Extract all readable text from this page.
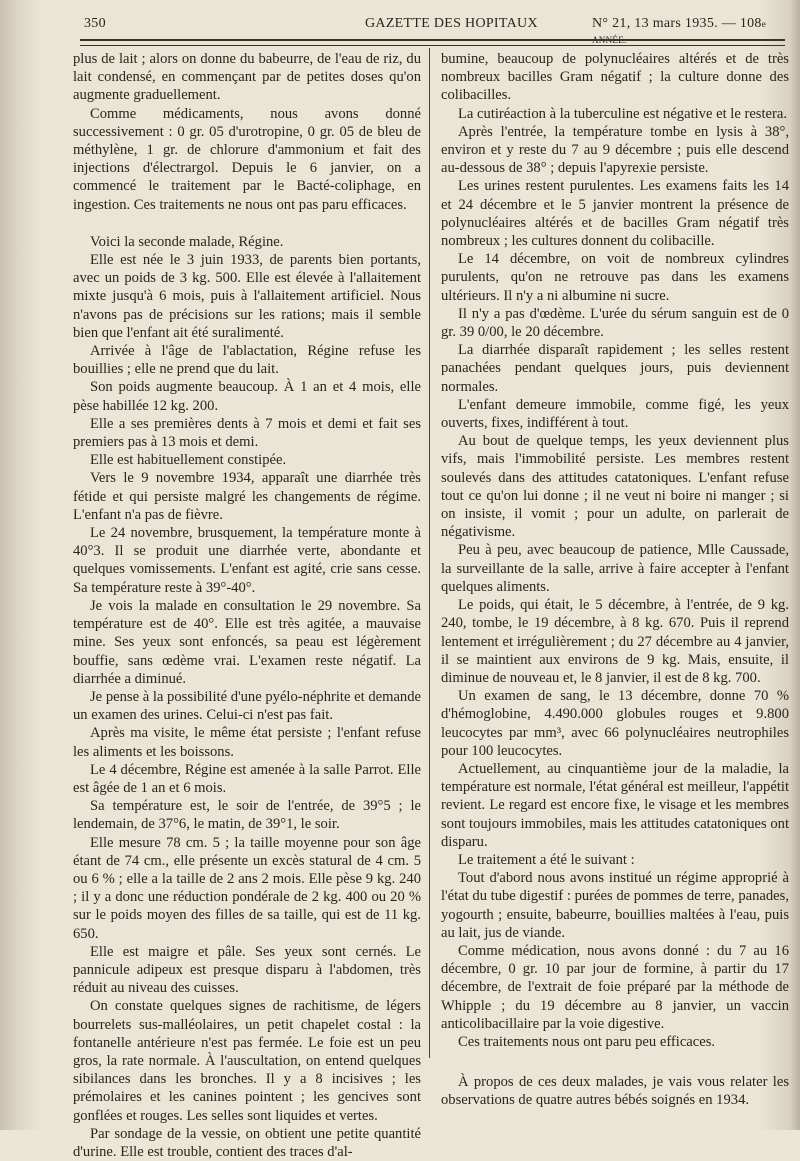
350	GAZETTE DES HOPITAUX	N° 21, 13 mars 1935. — 108e

plus de lait ; alors on donne du babeurre, de l'eau de riz, du lait condensé, en commençant par de petites doses qu'on augmente graduellement.

Comme médicaments, nous avons donné successivement : 0 gr. 05 d'urotropine, 0 gr. 05 de bleu de méthylène, 1 gr. de chlorure d'ammonium et fait des injections d'électrargol. Depuis le 6 janvier, on a commencé le traitement par le Bacté-coliphage, en ingestion. Ces traitements ne nous ont pas paru efficaces.

Voici la seconde malade, Régine.

Elle est née le 3 juin 1933, de parents bien portants, avec un poids de 3 kg. 500. Elle est élevée à l'allaitement mixte jusqu'à 6 mois, puis à l'allaitement artificiel. Nous n'avons pas de précisions sur les rations; mais il semble bien que l'enfant ait été suralimenté.

Arrivée à l'âge de l'ablactation, Régine refuse les bouillies ; elle ne prend que du lait.

Son poids augmente beaucoup. À 1 an et 4 mois, elle pèse habillée 12 kg. 200.

Elle a ses premières dents à 7 mois et demi et fait ses premiers pas à 13 mois et demi.

Elle est habituellement constipée.

Vers le 9 novembre 1934, apparaît une diarrhée très fétide et qui persiste malgré les changements de régime. L'enfant n'a pas de fièvre.

Le 24 novembre, brusquement, la température monte à 40°3. Il se produit une diarrhée verte, abondante et quelques vomissements. L'enfant est agité, crie sans cesse. Sa température reste à 39°-40°.

Je vois la malade en consultation le 29 novembre. Sa température est de 40°. Elle est très agitée, a mauvaise mine. Ses yeux sont enfoncés, sa peau est légèrement bouffie, sans œdème vrai. L'examen reste négatif. La diarrhée a diminué.

Je pense à la possibilité d'une pyélo-néphrite et demande un examen des urines. Celui-ci n'est pas fait.

Après ma visite, le même état persiste ; l'enfant refuse les aliments et les boissons.

Le 4 décembre, Régine est amenée à la salle Parrot. Elle est âgée de 1 an et 6 mois.

Sa température est, le soir de l'entrée, de 39°5 ; le lendemain, de 37°6, le matin, de 39°1, le soir.

Elle mesure 78 cm. 5 ; la taille moyenne pour son âge étant de 74 cm., elle présente un excès statural de 4 cm. 5 ou 6 % ; elle a la taille de 2 ans 2 mois. Elle pèse 9 kg. 240 ; il y a donc une réduction pondérale de 2 kg. 400 ou 20 % sur le poids moyen des filles de sa taille, qui est de 11 kg. 650.

Elle est maigre et pâle. Ses yeux sont cernés. Le pannicule adipeux est presque disparu à l'abdomen, très réduit au niveau des cuisses.

On constate quelques signes de rachitisme, de légers bourrelets sus-malléolaires, un petit chapelet costal : la fontanelle antérieure n'est pas fermée. Le foie est un peu gros, la rate normale. À l'auscultation, on entend quelques sibilances dans les bronches. Il y a 8 incisives ; les prémolaires et les canines pointent ; les gencives sont gonflées et rouges. Les selles sont liquides et vertes.

Par sondage de la vessie, on obtient une petite quantité d'urine. Elle est trouble, contient des traces d'al-

bumine, beaucoup de polynucléaires altérés et de très nombreux bacilles Gram négatif ; la culture donne des colibacilles.

La cutiréaction à la tuberculine est négative et le restera.

Après l'entrée, la température tombe en lysis à 38°, environ et y reste du 7 au 9 décembre ; puis elle descend au-dessous de 38° ; depuis l'apyrexie persiste.

Les urines restent purulentes. Les examens faits les 14 et 24 décembre et le 5 janvier montrent la présence de polynucléaires altérés et de bacilles Gram négatif très nombreux ; les cultures donnent du colibacille.

Le 14 décembre, on voit de nombreux cylindres purulents, qu'on ne retrouve pas dans les examens ultérieurs. Il n'y a ni albumine ni sucre.

Il n'y a pas d'œdème. L'urée du sérum sanguin est de 0 gr. 39 0/00, le 20 décembre.

La diarrhée disparaît rapidement ; les selles restent panachées pendant quelques jours, puis deviennent normales.

L'enfant demeure immobile, comme figé, les yeux ouverts, fixes, indifférent à tout.

Au bout de quelque temps, les yeux deviennent plus vifs, mais l'immobilité persiste. Les membres restent soulevés dans des attitudes catatoniques. L'enfant refuse tout ce qu'on lui donne ; il ne veut ni boire ni manger ; si on insiste, il vomit ; pour un adulte, on parlerait de négativisme.

Peu à peu, avec beaucoup de patience, Mlle Caussade, la surveillante de la salle, arrive à faire accepter à l'enfant quelques aliments.

Le poids, qui était, le 5 décembre, à l'entrée, de 9 kg. 240, tombe, le 19 décembre, à 8 kg. 670. Puis il reprend lentement et irrégulièrement ; du 27 décembre au 4 janvier, il se maintient aux environs de 9 kg. Mais, ensuite, il diminue de nouveau et, le 8 janvier, il est de 8 kg. 700.

Un examen de sang, le 13 décembre, donne 70 % d'hémoglobine, 4.490.000 globules rouges et 9.800 leucocytes par mm³, avec 66 polynucléaires neutrophiles pour 100 leucocytes.

Actuellement, au cinquantième jour de la maladie, la température est normale, l'état général est meilleur, l'appétit revient. Le regard est encore fixe, le visage et les membres sont toujours immobiles, mais les attitudes catatoniques ont disparu.

Le traitement a été le suivant :

Tout d'abord nous avons institué un régime approprié à l'état du tube digestif : purées de pommes de terre, panades, yogourth ; ensuite, babeurre, bouillies maltées à l'eau, puis au lait, jus de viande.

Comme médication, nous avons donné : du 7 au 16 décembre, 0 gr. 10 par jour de formine, à partir du 17 décembre, de l'extrait de foie préparé par la méthode de Whipple ; du 19 décembre au 8 janvier, un vaccin anticolibacillaire par la voie digestive.

Ces traitements nous ont paru peu efficaces.

À propos de ces deux malades, je vais vous relater les observations de quatre autres bébés soignés en 1934.
